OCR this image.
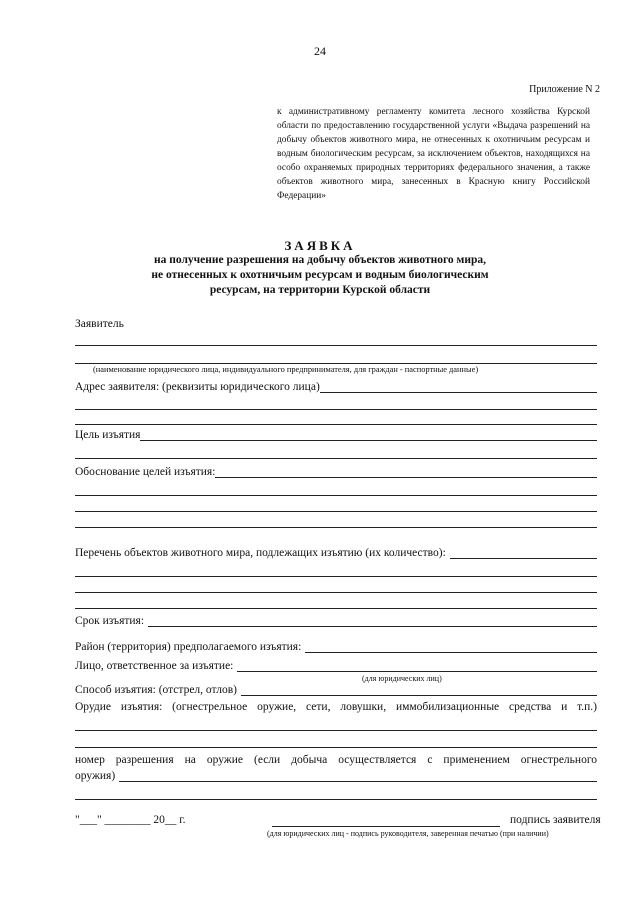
24
Приложение N 2
к административному регламенту комитета лесного хозяйства Курской области по предоставлению государственной услуги «Выдача разрешений на добычу объектов животного мира, не отнесенных к охотничьим ресурсам и водным биологическим ресурсам, за исключением объектов, находящихся на особо охраняемых природных территориях федерального значения, а также объектов животного мира, занесенных в Красную книгу Российской Федерации»
ЗАЯВКА
на получение разрешения на добычу объектов животного мира,
не отнесенных к охотничьим ресурсам и водным биологическим
ресурсам, на территории Курской области
Заявитель
(наименование юридического лица, индивидуального предпринимателя, для граждан - паспортные данные)
Адрес заявителя: (реквизиты юридического лица)
Цель изъятия
Обоснование целей изъятия:
Перечень объектов животного мира, подлежащих изъятию (их количество):
Срок изъятия:
Район (территория) предполагаемого изъятия:
Лицо, ответственное за изъятие:
(для юридических лиц)
Способ изъятия: (отстрел, отлов)
Орудие изъятия: (огнестрельное оружие, сети, ловушки, иммобилизационные средства и т.п.)
номер разрешения на оружие (если добыча осуществляется с применением огнестрельного
оружия)
"___" ________ 20__ г.	подпись заявителя
(для юридических лиц - подпись руководителя, заверенная печатью (при наличии)
